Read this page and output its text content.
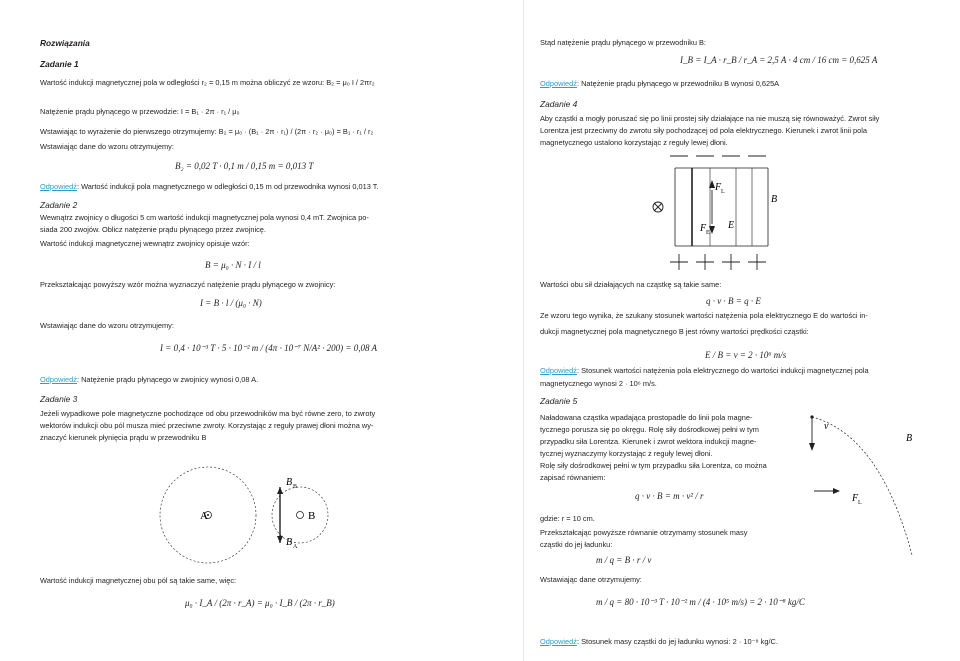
Rozwiązania
Zadanie 1
Wartość indukcji magnetycznej pola w odległości r₂ = 0,15 m można obliczyć ze wzoru: B₂ = μ₀ I / 2πr₂
Natężenie prądu płynącego w przewodzie: I = B₁ · 2π · r₁ / μ₀
Wstawiając to wyrażenie do pierwszego otrzymujemy: B₂ = μ₀ · (B₁ · 2π · r₁) / (2π · r₂ · μ₀) = B₁ · r₁ / r₂
Wstawiając dane do wzoru otrzymujemy:
B₂ = 0,02 T · 0,1 m / 0,15 m = 0,013 T
Odpowiedź: Wartość indukcji pola magnetycznego w odległości 0,15 m od przewodnika wynosi 0,013 T.
Zadanie 2
Wewnątrz zwojnicy o długości 5 cm wartość indukcji magnetycznej pola wynosi 0,4 mT. Zwojnica po-
siada 200 zwojów. Oblicz natężenie prądu płynącego przez zwojnicę.
Wartość indukcji magnetycznej wewnątrz zwojnicy opisuje wzór:
B = μ₀ · N · I / l
Przekształcając powyższy wzór można wyznaczyć natężenie prądu płynącego w zwojnicy:
I = B · l / (μ₀ · N)
Wstawiając dane do wzoru otrzymujemy:
I = 0,4 · 10⁻³ T · 5 · 10⁻² m / (4π · 10⁻⁷ N/A² · 200) = 0,08 A
Odpowiedź: Natężenie prądu płynącego w zwojnicy wynosi 0,08 A.
Zadanie 3
Jeżeli wypadkowe pole magnetyczne pochodzące od obu przewodników ma być równe zero, to zwroty
wektorów indukcji obu pól musza mieć przeciwne zwroty. Korzystając z reguły prawej dłoni można wy-
znaczyć kierunek płynięcia prądu w przewodniku B
A	B
B B
B A
Wartość indukcji magnetycznej obu pól są takie same, więc:
μ₀ · I_A / (2π · r_A) = μ₀ · I_B / (2π · r_B)
Stąd natężenie prądu płynącego w przewodniku B:
I_B = I_A · r_B / r_A = 2,5 A · 4 cm / 16 cm = 0,625 A
Odpowiedź: Natężenie prądu płynącego w przewodniku B wynosi 0,625A
Zadanie 4
Aby cząstki a mogły poruszać się po linii prostej siły działające na nie muszą się równoważyć. Zwrot siły
Lorentza jest przeciwny do zwrotu siły pochodzącej od pola elektrycznego. Kierunek i zwrot linii pola
magnetycznego ustalono korzystając z reguły lewej dłoni.
F L
B
F E
E
Wartości obu sił działających na cząstkę są takie same:
q · v · B = q · E
Ze wzoru tego wynika, że szukany stosunek wartości natężenia pola elektrycznego E do wartości in-
dukcji magnetycznej pola magnetycznego B jest równy wartości prędkości cząstki:
E / B = v = 2 · 10⁶ m/s
Odpowiedź: Stosunek wartości natężenia pola elektrycznego do wartości indukcji magnetycznej pola
magnetycznego wynosi 2 · 10⁶ m/s.
Zadanie 5
Naładowana cząstka wpadająca prostopadle do linii pola magne-
tycznego porusza się po okręgu. Rolę siły dośrodkowej pełni w tym
przypadku siła Lorentza. Kierunek i zwrot wektora indukcji magne-
tycznej wyznaczymy korzystając z reguły lewej dłoni.
Rolę siły dośrodkowej pełni w tym przypadku siła Lorentza, co można
zapisać równaniem:
q · v · B = m · v² / r
gdzie: r = 10 cm.
Przekształcając powyższe równanie otrzymamy stosunek masy
cząstki do jej ładunku:
m / q = B · r / v
Wstawiając dane otrzymujemy:
m / q = 80 · 10⁻³ T · 10⁻² m / (4 · 10⁵ m/s) = 2 · 10⁻⁸ kg/C
Odpowiedź: Stosunek masy cząstki do jej ładunku wynosi: 2 · 10⁻⁸ kg/C.
v
B
F L
